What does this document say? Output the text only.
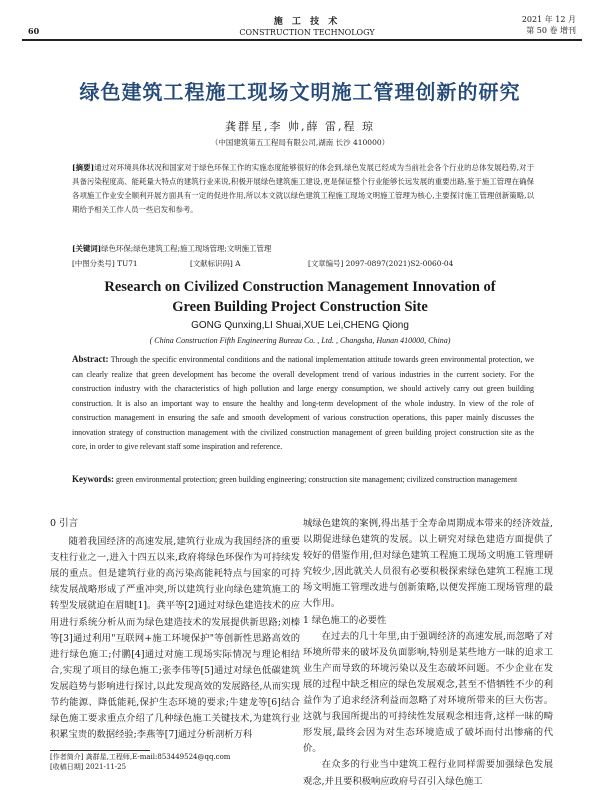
60
施 工 技 术
CONSTRUCTION TECHNOLOGY
2021 年 12 月
第 50 卷 增刊
绿色建筑工程施工现场文明施工管理创新的研究
龚群星,李 帅,薛 雷,程 琼
（中国建筑第五工程局有限公司,湖南 长沙 410000）
[摘要]通过对环境具体状况和国家对于绿色环保工作的实施态度能够很好的体会到,绿色发展已经成为当前社会各个行业的总体发展趋势,对于具备污染程度高、能耗量大特点的建筑行业来说,积极开展绿色建筑施工建设,更是保证整个行业能够长远发展的重要出路,鉴于施工管理在确保各项施工作业安全顺利开展方面具有一定的促进作用,所以本文就以绿色建筑工程施工现场文明施工管理为核心,主要探讨施工管理创新策略,以期给予相关工作人员一些启发和参考。
[关键词]绿色环保;绿色建筑工程;施工现场管理;文明施工管理
[中图分类号] TU71	[文献标识码] A	[文章编号] 2097-0897(2021)S2-0060-04
Research on Civilized Construction Management Innovation of
Green Building Project Construction Site
GONG Qunxing,LI Shuai,XUE Lei,CHENG Qiong
( China Construction Fifth Engineering Bureau Co. , Ltd. , Changsha, Hunan 410000, China)
Abstract: Through the specific environmental conditions and the national implementation attitude towards green environmental protection, we can clearly realize that green development has become the overall development trend of various industries in the current society. For the construction industry with the characteristics of high pollution and large energy consumption, we should actively carry out green building construction. It is also an important way to ensure the healthy and long-term development of the whole industry. In view of the role of construction management in ensuring the safe and smooth development of various construction operations, this paper mainly discusses the innovation strategy of construction management with the civilized construction management of green building project construction site as the core, in order to give relevant staff some inspiration and reference.
Keywords: green environmental protection; green building engineering; construction site management; civilized construction management
0 引言

随着我国经济的高速发展,建筑行业成为我国经济的重要支柱行业之一,进入十四五以来,政府将绿色环保作为可持续发展的重点。但是建筑行业的高污染高能耗特点与国家的可持续发展战略形成了严重冲突,所以建筑行业向绿色建筑施工的转型发展就迫在眉睫[1]。龚平等[2]通过对绿色建造技术的应用进行系统分析从而为绿色建造技术的发展提供新思路;刘榛等[3]通过利用"互联网+施工环境保护"等创新性思路高效的进行绿色施工;付鹏[4]通过对施工现场实际情况与理论相结合,实现了项目的绿色施工;张李伟等[5]通过对绿色低碳建筑发展趋势与影响进行探讨,以此发现高效的发展路径,从而实现节约能源、降低能耗,保护生态环境的要求;牛建龙等[6]结合绿色施工要求重点介绍了几种绿色施工关键技术,为建筑行业积累宝贵的数据经验;李燕等[7]通过分析剖析万科

城绿色建筑的案例,得出基于全寿命周期成本带来的经济效益,以期促进绿色建筑的发展。以上研究对绿色建造方面提供了较好的借鉴作用,但对绿色建筑工程施工现场文明施工管理研究较少,因此就关人员很有必要积极探索绿色建筑工程施工现场文明施工管理改进与创新策略,以便发挥施工现场管理的最大作用。

1 绿色施工的必要性

在过去的几十年里,由于强调经济的高速发展,而忽略了对环境所带来的破坏及负面影响,特别是某些地方一昧的追求工业生产而导致的环境污染以及生态破坏问题。不少企业在发展的过程中缺乏相应的绿色发展观念,甚至不惜牺牲不少的利益作为了追求经济利益而忽略了对环境所带来的巨大伤害。这就与我国所提出的可持续性发展观念相违背,这样一昧的畸形发展,最终会因为对生态环境造成了破坏而付出惨痛的代价。

在众多的行业当中建筑工程行业同样需要加强绿色发展观念,并且要积极响应政府号召引入绿色施工

[作者简介] 龚群星,工程师,E-mail:853449524@qq.com
[收稿日期] 2021-11-25
